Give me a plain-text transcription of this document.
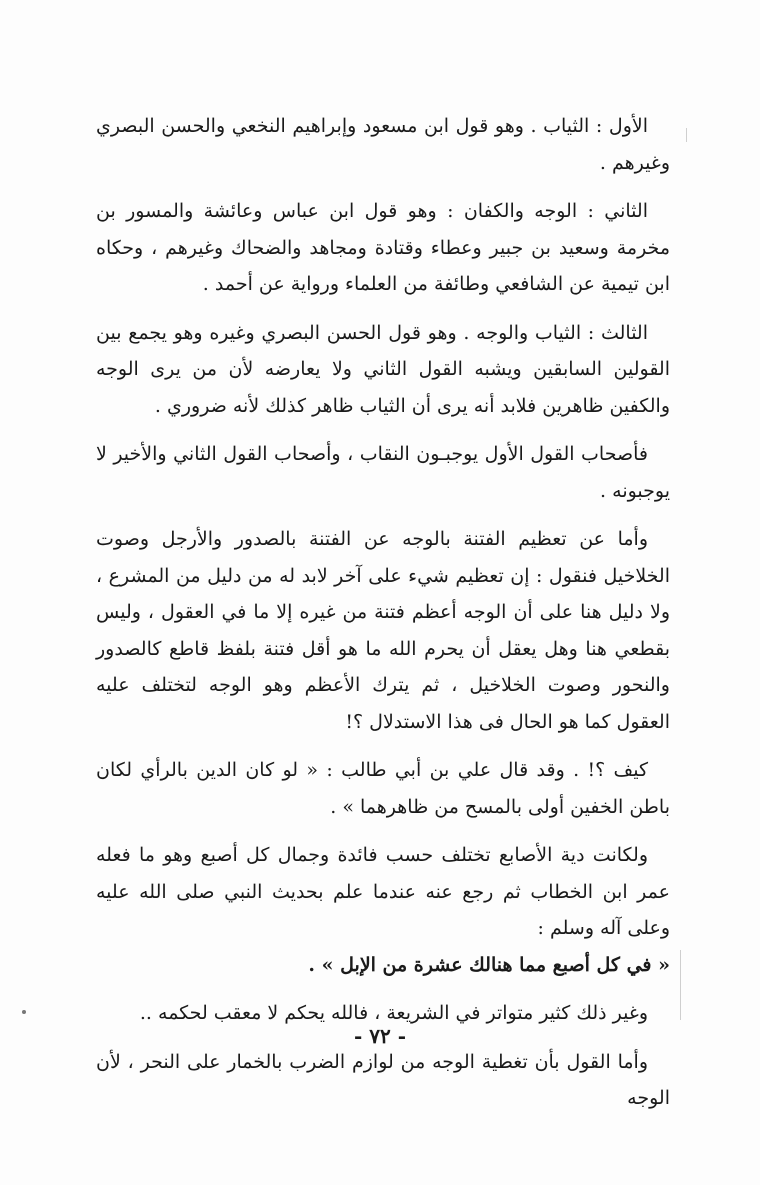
الأول : الثياب . وهو قول ابن مسعود وإبراهيم النخعي والحسن البصري وغيرهم .

الثاني : الوجه والكفان : وهو قول ابن عباس وعائشة والمسور بن مخرمة وسعيد بن جبير وعطاء وقتادة ومجاهد والضحاك وغيرهم ، وحكاه ابن تيمية عن الشافعي وطائفة من العلماء ورواية عن أحمد .

الثالث : الثياب والوجه . وهو قول الحسن البصري وغيره وهو يجمع بين القولين السابقين ويشبه القول الثاني ولا يعارضه لأن من يرى الوجه والكفين ظاهرين فلابد أنه يرى أن الثياب ظاهر كذلك لأنه ضروري .

فأصحاب القول الأول يوجبـون النقاب ، وأصحاب القول الثاني والأخير لا يوجبونه .

وأما عن تعظيم الفتنة بالوجه عن الفتنة بالصدور والأرجل وصوت الخلاخيل فنقول : إن تعظيم شيء على آخر لابد له من دليل من المشرع ، ولا دليل هنا على أن الوجه أعظم فتنة من غيره إلا ما في العقول ، وليس بقطعي هنا وهل يعقل أن يحرم الله ما هو أقل فتنة بلفظ قاطع كالصدور والنحور وصوت الخلاخيل ، ثم يترك الأعظم وهو الوجه لتختلف عليه العقول كما هو الحال فى هذا الاستدلال ؟!

كيف ؟! . وقد قال علي بن أبي طالب : « لو كان الدين بالرأي لكان باطن الخفين أولى بالمسح من ظاهرهما » .

ولكانت دية الأصابع تختلف حسب فائدة وجمال كل أصبع وهو ما فعله عمر ابن الخطاب ثم رجع عنه عندما علم بحديث النبي صلى الله عليه وعلى آله وسلم :

« في كل أصبع مما هنالك عشرة من الإبل » .

وغير ذلك كثير متواتر في الشريعة ، فالله يحكم لا معقب لحكمه ..

وأما القول بأن تغطية الوجه من لوازم الضرب بالخمار على النحر ، لأن الوجه

- ٧٢ -
